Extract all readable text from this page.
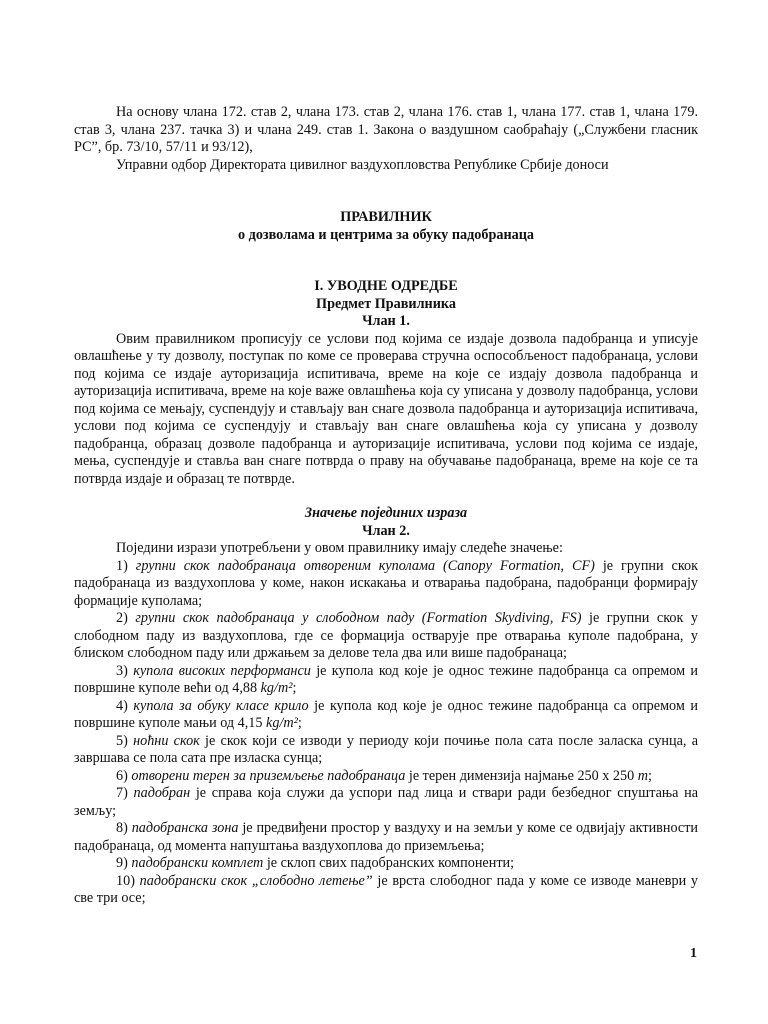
На основу члана 172. став 2, члана 173. став 2, члана 176. став 1, члана 177. став 1, члана 179. став 3, члана 237. тачка 3) и члана 249. став 1. Закона о ваздушном саобраћају („Службени гласник РС”, бр. 73/10, 57/11 и 93/12),

Управни одбор Директората цивилног ваздухопловства Републике Србије доноси

ПРАВИЛНИК

о дозволама и центрима за обуку падобранаца

I. УВОДНЕ ОДРЕДБЕ

Предмет Правилника

Члан 1.

Овим правилником прописују се услови под којима се издаје дозвола падобранца и уписује овлашћење у ту дозволу, поступак по коме се проверава стручна оспособљеност падобранаца, услови под којима се издаје ауторизација испитивача, време на које се издају дозвола падобранца и ауторизација испитивача, време на које важе овлашћења која су уписана у дозволу падобранца, услови под којима се мењају, суспендују и стављају ван снаге дозвола падобранца и ауторизација испитивача, услови под којима се суспендују и стављају ван снаге овлашћења која су уписана у дозволу падобранца, образац дозволе падобранца и ауторизације испитивача, услови под којима се издаје, мења, суспендује и ставља ван снаге потврда о праву на обучавање падобранаца, време на које се та потврда издаје и образац те потврде.

Значење појединих израза

Члан 2.

Поједини изрази употребљени у овом правилнику имају следеће значење:

1) групни скок падобранаца отвореним куполама (Canopy Formation, CF) је групни скок падобранаца из ваздухоплова у коме, након искакања и отварања падобрана, падобранци формирају формације куполама;

2) групни скок падобранаца у слободном паду (Formation Skydiving, FS) је групни скок у слободном паду из ваздухоплова, где се формација остварује пре отварања куполе падобрана, у блиском слободном паду или држањем за делове тела два или више падобранаца;

3) купола високих перформанси је купола код које је однос тежине падобранца са опремом и површине куполе већи од 4,88 kg/m²;

4) купола за обуку класе крило је купола код које је однос тежине падобранца са опремом и површине куполе мањи од 4,15 kg/m²;

5) ноћни скок је скок који се изводи у периоду који почиње пола сата после заласка сунца, а завршава се пола сата пре изласка сунца;

6) отворени терен за приземљење падобранаца је терен димензија најмање 250 x 250 m;

7) падобран је справа која служи да успори пад лица и ствари ради безбедног спуштања на земљу;

8) падобранска зона је предвиђени простор у ваздуху и на земљи у коме се одвијају активности падобранаца, од момента напуштања ваздухоплова до приземљења;

9) падобрански комплет је склоп свих падобранских компоненти;

10) падобрански скок „слободно летење” је врста слободног пада у коме се изводе маневри у све три осе;

1
